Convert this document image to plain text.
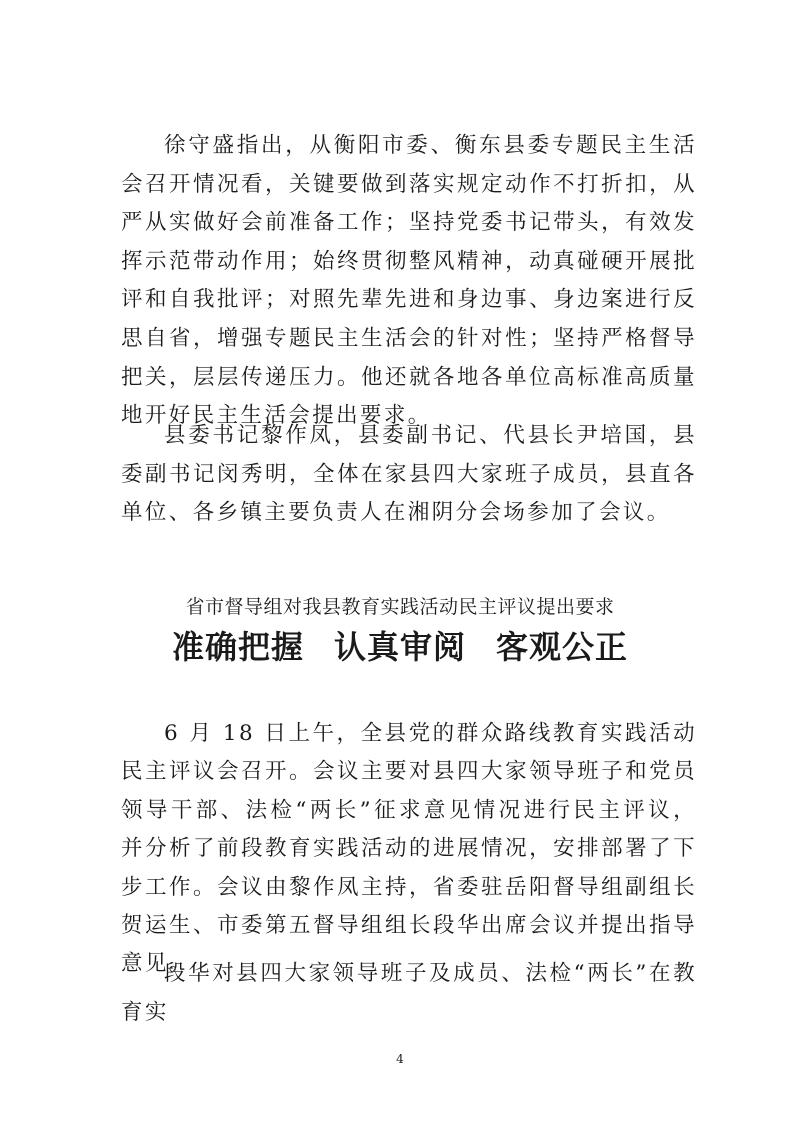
徐守盛指出，从衡阳市委、衡东县委专题民主生活会召开情况看，关键要做到落实规定动作不打折扣，从严从实做好会前准备工作；坚持党委书记带头，有效发挥示范带动作用；始终贯彻整风精神，动真碰硬开展批评和自我批评；对照先辈先进和身边事、身边案进行反思自省，增强专题民主生活会的针对性；坚持严格督导把关，层层传递压力。他还就各地各单位高标准高质量地开好民主生活会提出要求。

县委书记黎作凤，县委副书记、代县长尹培国，县委副书记闵秀明，全体在家县四大家班子成员，县直各单位、各乡镇主要负责人在湘阴分会场参加了会议。

省市督导组对我县教育实践活动民主评议提出要求

准确把握 认真审阅 客观公正

6 月 18 日上午，全县党的群众路线教育实践活动民主评议会召开。会议主要对县四大家领导班子和党员领导干部、法检“两长”征求意见情况进行民主评议，并分析了前段教育实践活动的进展情况，安排部署了下步工作。会议由黎作凤主持，省委驻岳阳督导组副组长贺运生、市委第五督导组组长段华出席会议并提出指导意见。

段华对县四大家领导班子及成员、法检“两长”在教育实

4
